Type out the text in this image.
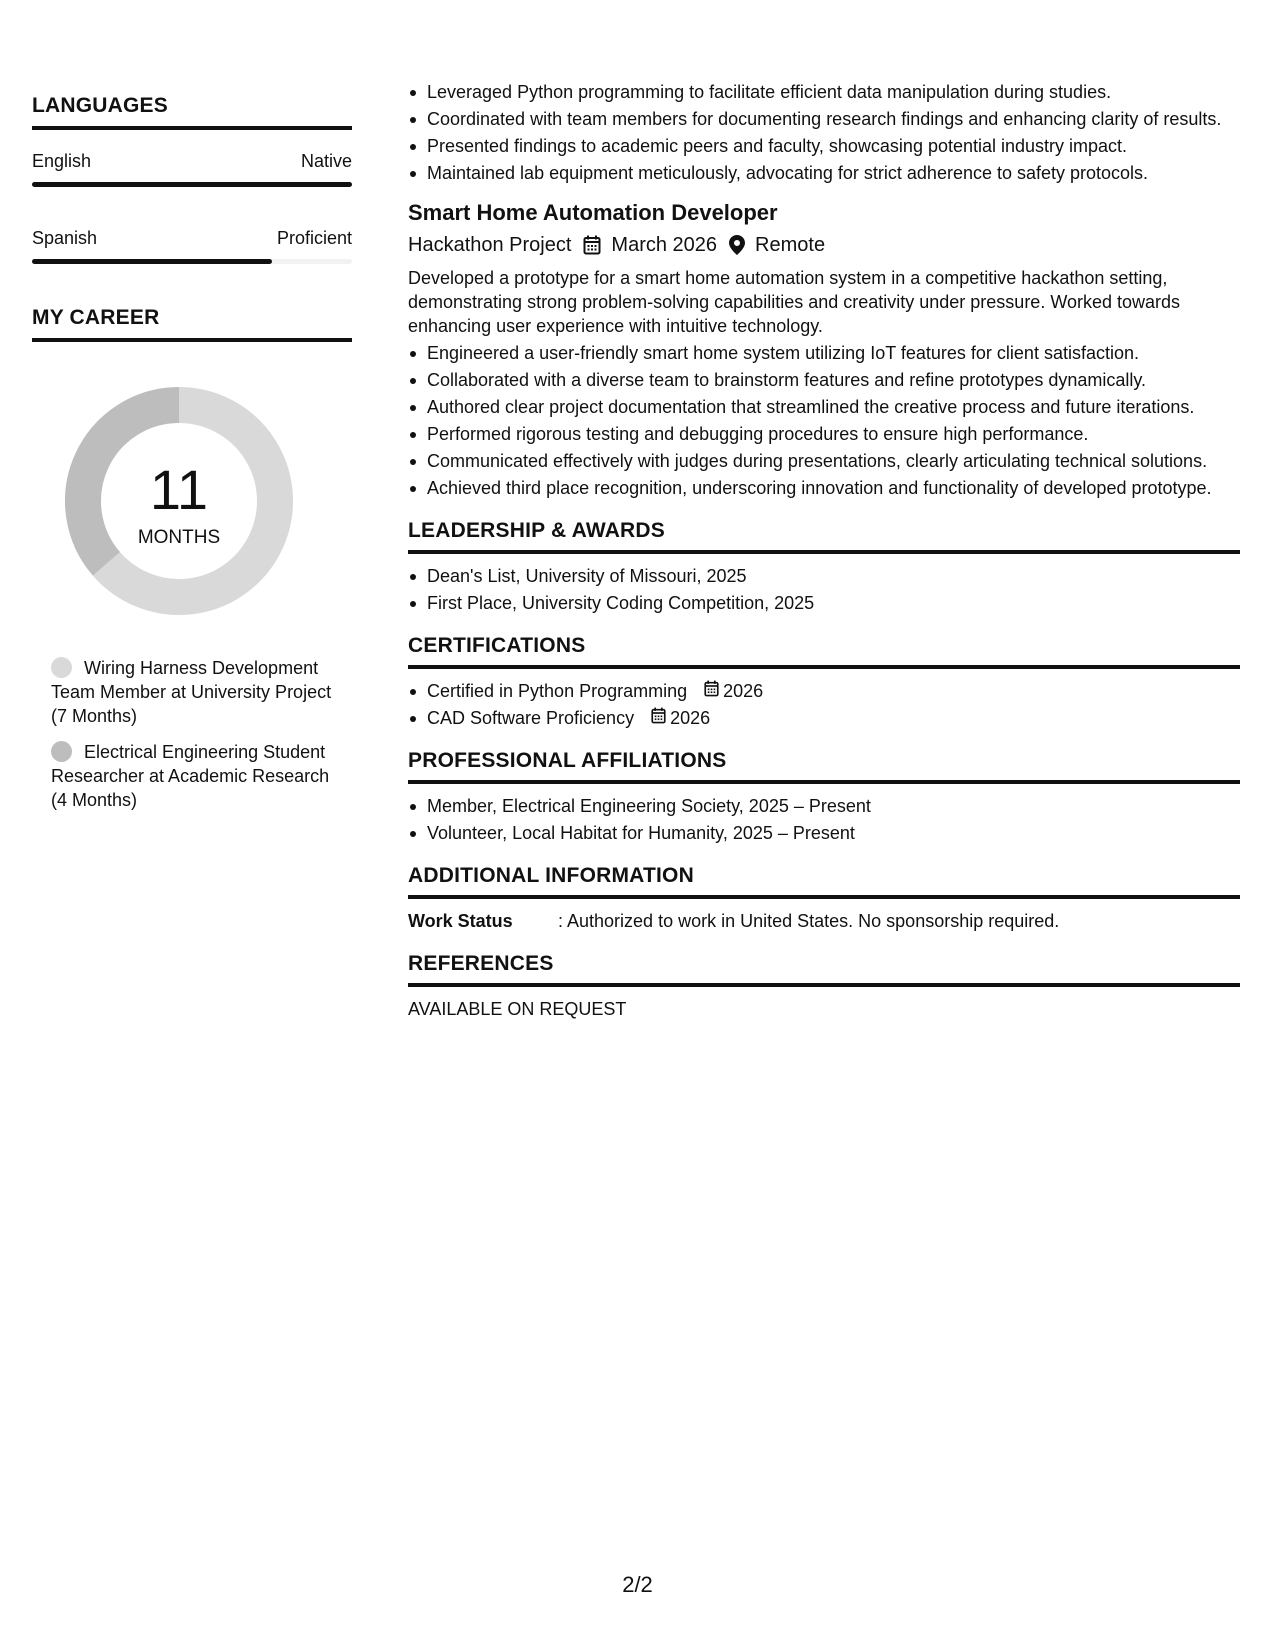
LANGUAGES
English	Native
Spanish	Proficient
MY CAREER
11
MONTHS
Wiring Harness Development Team Member at University Project (7 Months)
Electrical Engineering Student Researcher at Academic Research (4 Months)
Leveraged Python programming to facilitate efficient data manipulation during studies.
Coordinated with team members for documenting research findings and enhancing clarity of results.
Presented findings to academic peers and faculty, showcasing potential industry impact.
Maintained lab equipment meticulously, advocating for strict adherence to safety protocols.
Smart Home Automation Developer
Hackathon Project March 2026 Remote

Developed a prototype for a smart home automation system in a competitive hackathon setting, demonstrating strong problem-solving capabilities and creativity under pressure. Worked towards enhancing user experience with intuitive technology.

Engineered a user-friendly smart home system utilizing IoT features for client satisfaction.
Collaborated with a diverse team to brainstorm features and refine prototypes dynamically.
Authored clear project documentation that streamlined the creative process and future iterations.
Performed rigorous testing and debugging procedures to ensure high performance.
Communicated effectively with judges during presentations, clearly articulating technical solutions.
Achieved third place recognition, underscoring innovation and functionality of developed prototype.
LEADERSHIP & AWARDS
Dean's List, University of Missouri, 2025
First Place, University Coding Competition, 2025
CERTIFICATIONS
Certified in Python Programming 2026
CAD Software Proficiency 2026
PROFESSIONAL AFFILIATIONS
Member, Electrical Engineering Society, 2025 – Present
Volunteer, Local Habitat for Humanity, 2025 – Present
ADDITIONAL INFORMATION
Work Status	: Authorized to work in United States. No sponsorship required.
REFERENCES

AVAILABLE ON REQUEST

2/2
